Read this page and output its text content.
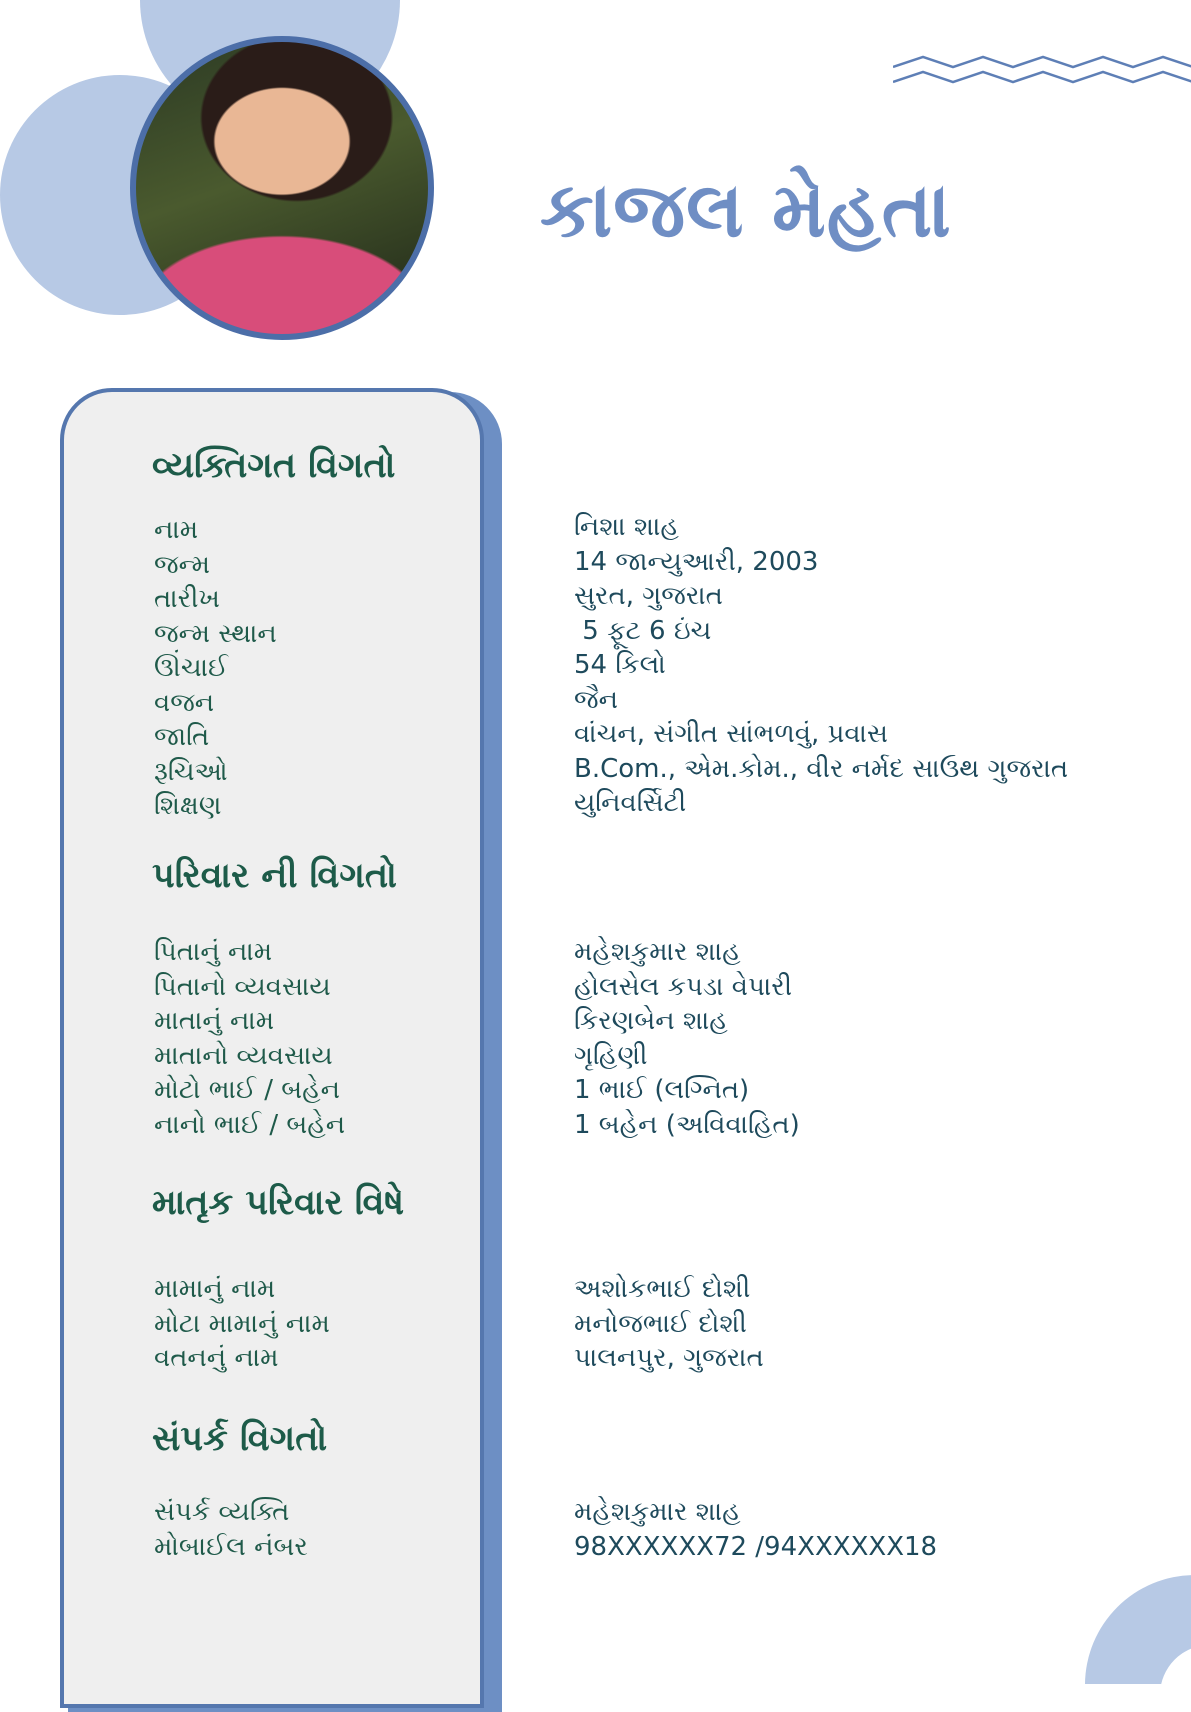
કાજલ મેહતા
વ્યક્તિગત વિગતો
નામ
જન્મ
તારીખ
જન્મ સ્થાન
ઊંચાઈ
વજન
જાતિ
રૂચિઓ
શિક્ષણ
નિશા શાહ
14 જાન્યુઆરી, 2003
સુરત, ગુજરાત
5 ફૂટ 6 ઇંચ
54 કિલો
જૈન
વાંચન, સંગીત સાંભળવું, પ્રવાસ
B.Com., એમ.કોમ., વીર નર્મદ સાઉથ ગુજરાત
યુનિવર્સિટી
પરિવાર ની વિગતો
પિતાનું નામ
પિતાનો વ્યવસાય
માતાનું નામ
માતાનો વ્યવસાય
મોટો ભાઈ / બહેન
નાનો ભાઈ / બહેન
મહેશકુમાર શાહ
હોલસેલ કપડા વેપારી
કિરણબેન શાહ
ગૃહિણી
1 ભાઈ (લગ્નિત)
1 બહેન (અવિવાહિત)
માતૃક પરિવાર વિષે
મામાનું નામ
મોટા મામાનું નામ
વતનનું નામ
અશોકભાઈ દોશી
મનોજભાઈ દોશી
પાલનપુર, ગુજરાત
સંપર્ક વિગતો
સંપર્ક વ્યક્તિ
મોબાઈલ નંબર
મહેશકુમાર શાહ
98XXXXXX72 /94XXXXXX18
